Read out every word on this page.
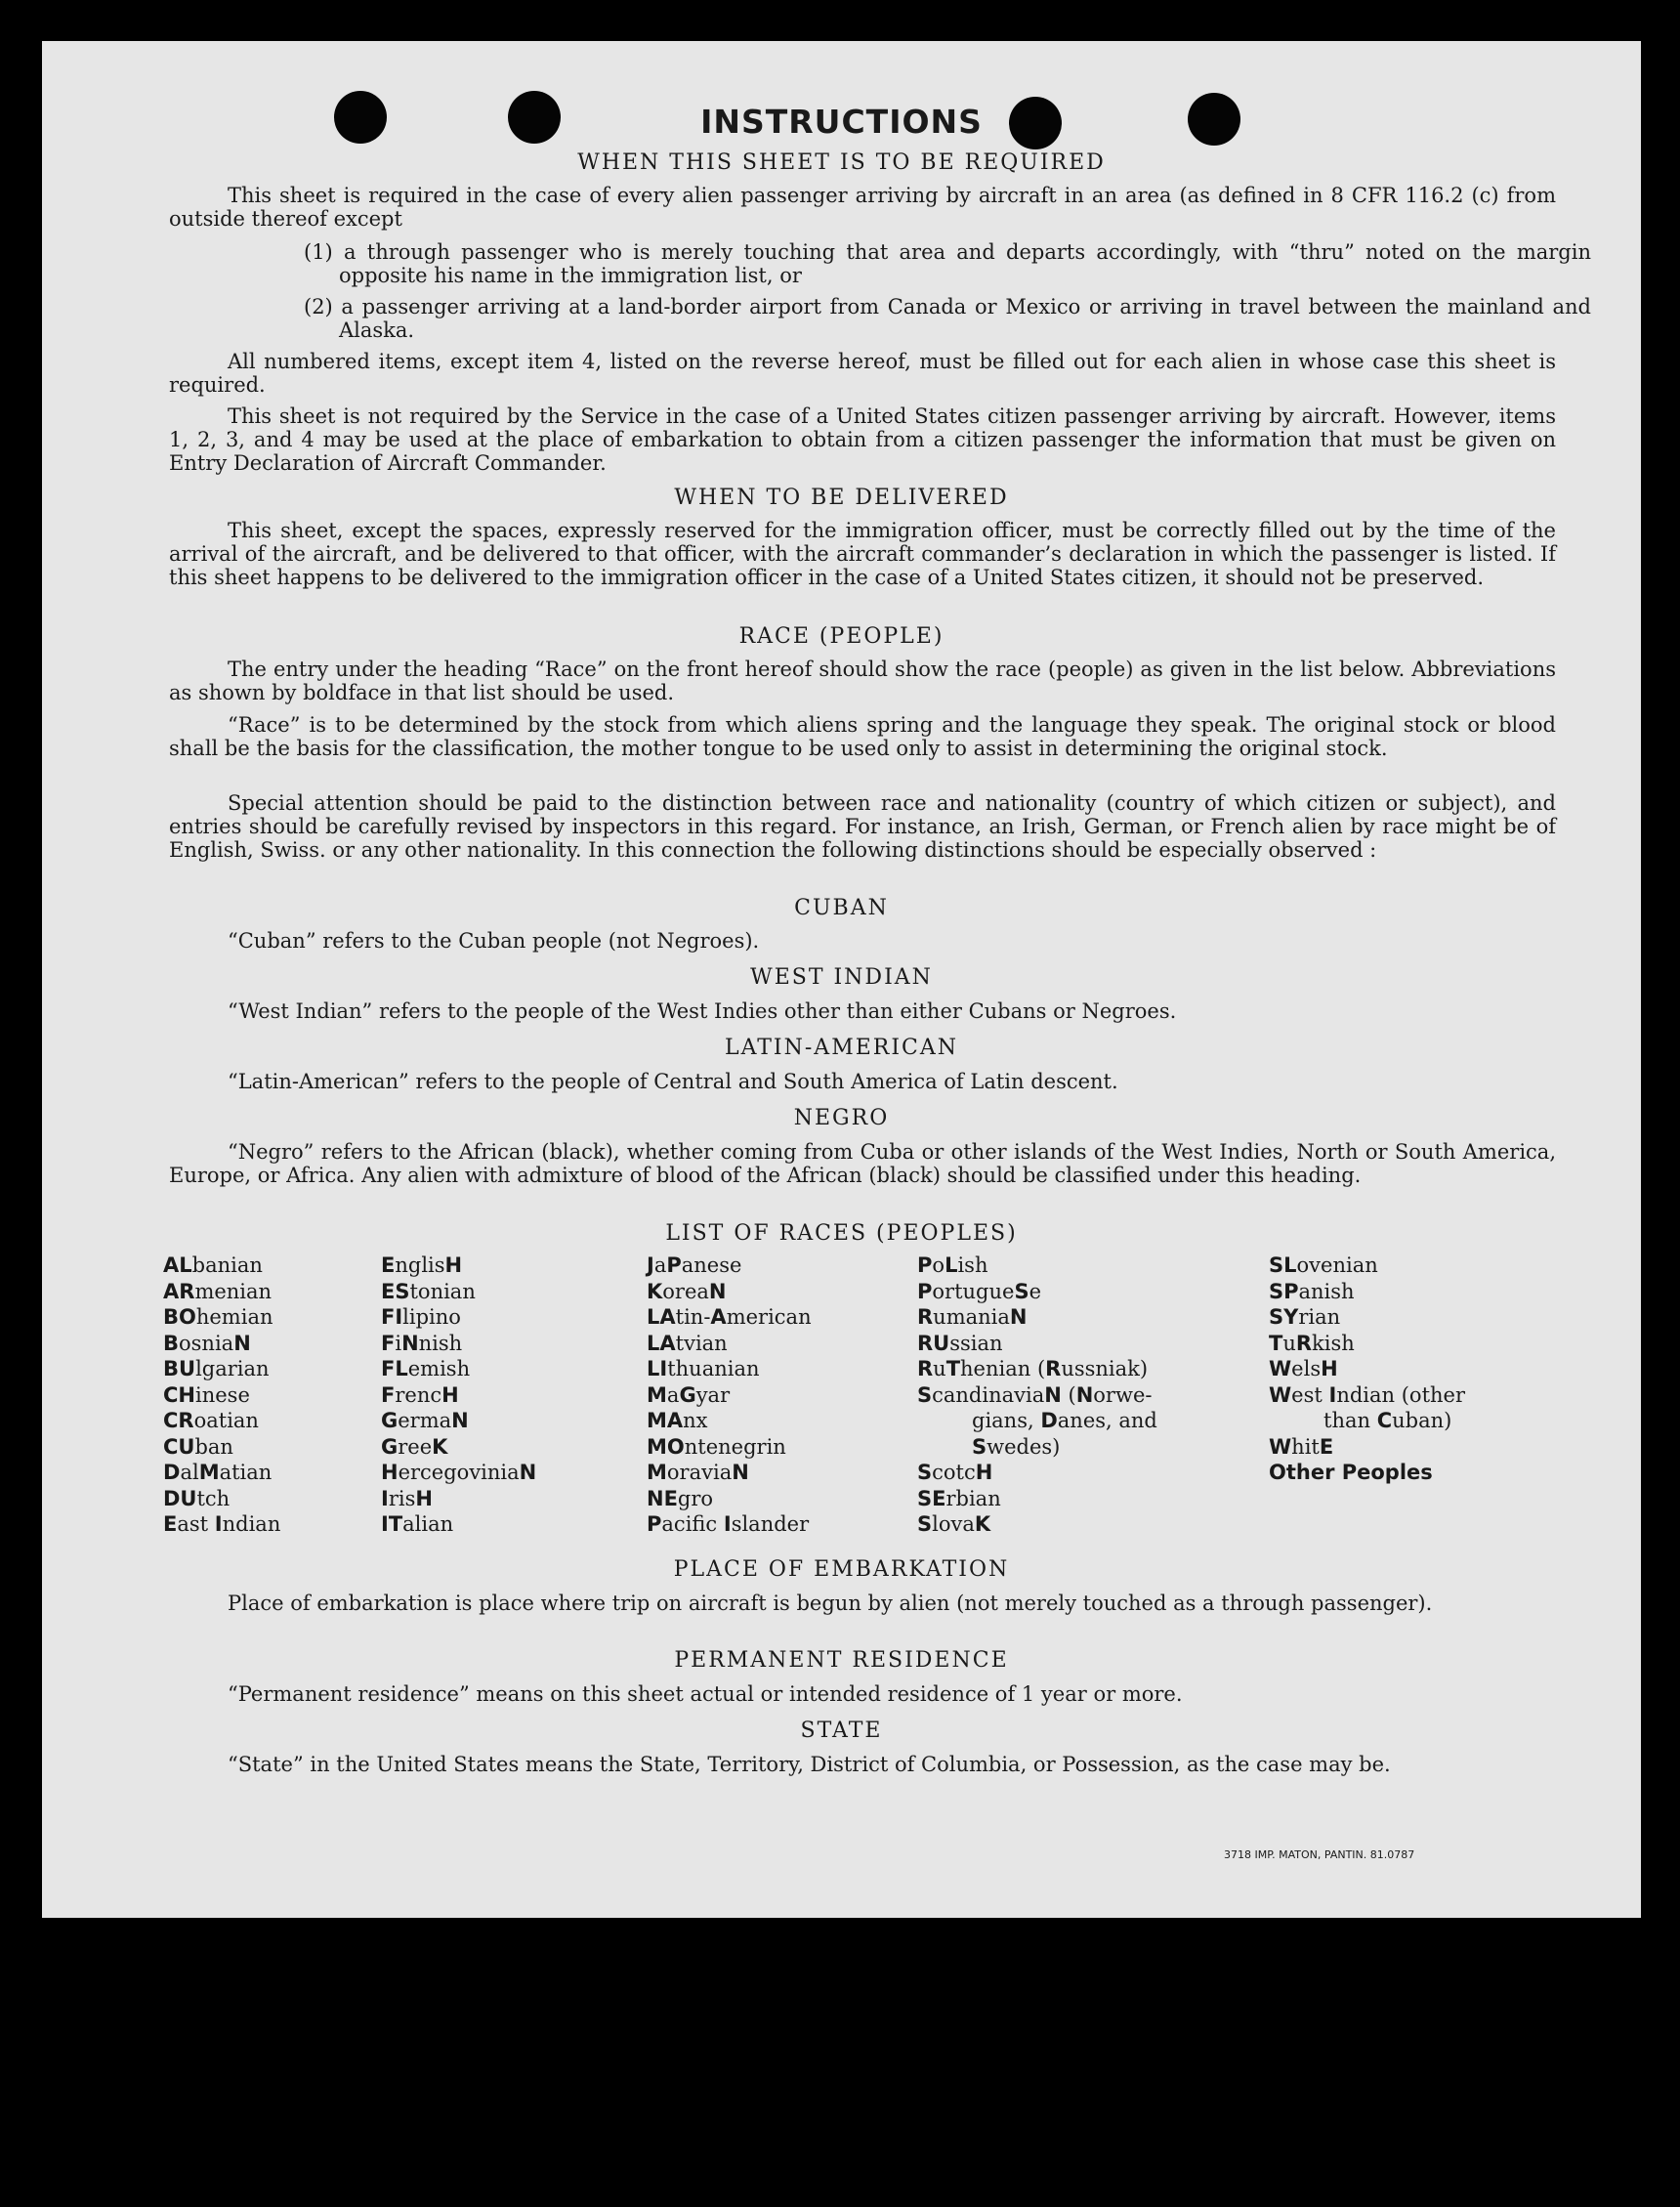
INSTRUCTIONS
WHEN THIS SHEET IS TO BE REQUIRED

This sheet is required in the case of every alien passenger arriving by aircraft in an area (as defined in 8 CFR 116.2 (c) from outside thereof except

(1) a through passenger who is merely touching that area and departs accordingly, with “thru” noted on the margin opposite his name in the immigration list, or

(2) a passenger arriving at a land-border airport from Canada or Mexico or arriving in travel between the mainland and Alaska.

All numbered items, except item 4, listed on the reverse hereof, must be filled out for each alien in whose case this sheet is required.

This sheet is not required by the Service in the case of a United States citizen passenger arriving by aircraft. However, items 1, 2, 3, and 4 may be used at the place of embarkation to obtain from a citizen passenger the information that must be given on Entry Declaration of Aircraft Commander.

WHEN TO BE DELIVERED

This sheet, except the spaces, expressly reserved for the immigration officer, must be correctly filled out by the time of the arrival of the aircraft, and be delivered to that officer, with the aircraft commander’s declaration in which the passenger is listed. If this sheet happens to be delivered to the immigration officer in the case of a United States citizen, it should not be preserved.

RACE (PEOPLE)

The entry under the heading “Race” on the front hereof should show the race (people) as given in the list below. Abbreviations as shown by boldface in that list should be used.

“Race” is to be determined by the stock from which aliens spring and the language they speak. The original stock or blood shall be the basis for the classification, the mother tongue to be used only to assist in determining the original stock.

Special attention should be paid to the distinction between race and nationality (country of which citizen or subject), and entries should be carefully revised by inspectors in this regard. For instance, an Irish, German, or French alien by race might be of English, Swiss. or any other nationality. In this connection the following distinctions should be especially observed :

CUBAN

“Cuban” refers to the Cuban people (not Negroes).

WEST INDIAN

“West Indian” refers to the people of the West Indies other than either Cubans or Negroes.

LATIN-AMERICAN

“Latin-American” refers to the people of Central and South America of Latin descent.

NEGRO

“Negro” refers to the African (black), whether coming from Cuba or other islands of the West Indies, North or South America, Europe, or Africa. Any alien with admixture of blood of the African (black) should be classified under this heading.

LIST OF RACES (PEOPLES)
ALbanian
ARmenian
BOhemian
BosniaN
BUlgarian
CHinese
CRoatian
CUban
DalMatian
DUtch
East Indian
EnglisH
EStonian
FIlipino
FiNnish
FLemish
FrencH
GermaN
GreeK
HercegoviniaN
IrisH
ITalian
JaPanese
KoreaN
LAtin-American
LAtvian
LIthuanian
MaGyar
MAnx
MOntenegrin
MoraviaN
NEgro
Pacific Islander
PoLish
PortugueSe
RumaniaN
RUssian
RuThenian (Russniak)
ScandinaviaN (Norwe-
gians, Danes, and
Swedes)
ScotcH
SErbian
SlovaK
SLovenian
SPanish
SYrian
TuRkish
WelsH
West Indian (other
than Cuban)
WhitE
Other Peoples
PLACE OF EMBARKATION

Place of embarkation is place where trip on aircraft is begun by alien (not merely touched as a through passenger).

PERMANENT RESIDENCE

“Permanent residence” means on this sheet actual or intended residence of 1 year or more.

STATE

“State” in the United States means the State, Territory, District of Columbia, or Possession, as the case may be.

3718 IMP. MATON, PANTIN. 81.0787
